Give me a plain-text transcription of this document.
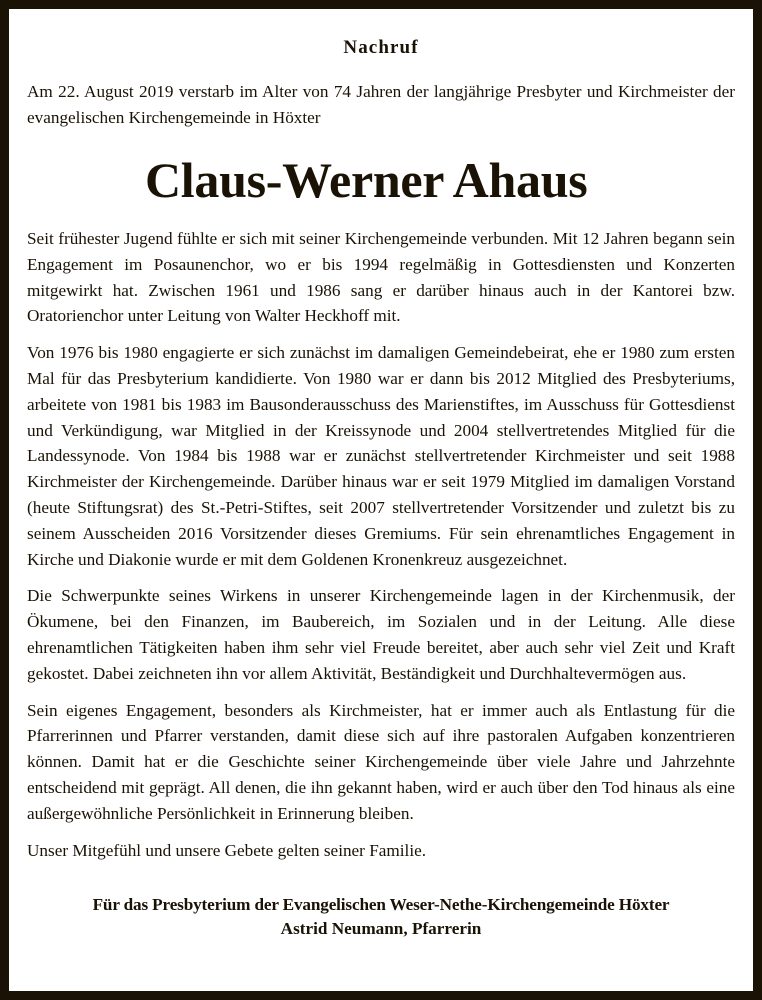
Nachruf

Am 22. August 2019 verstarb im Alter von 74 Jahren der langjährige Presbyter und Kirchmeister der evangelischen Kirchengemeinde in Höxter

Claus-Werner Ahaus

Seit frühester Jugend fühlte er sich mit seiner Kirchengemeinde verbunden. Mit 12 Jahren begann sein Engagement im Posaunenchor, wo er bis 1994 regelmäßig in Gottesdiensten und Konzerten mitgewirkt hat. Zwischen 1961 und 1986 sang er darüber hinaus auch in der Kantorei bzw. Oratorienchor unter Leitung von Walter Heckhoff mit.

Von 1976 bis 1980 engagierte er sich zunächst im damaligen Gemeindebeirat, ehe er 1980 zum ersten Mal für das Presbyterium kandidierte. Von 1980 war er dann bis 2012 Mitglied des Presbyteriums, arbeitete von 1981 bis 1983 im Bausonderausschuss des Marienstiftes, im Ausschuss für Gottesdienst und Verkündigung, war Mitglied in der Kreissynode und 2004 stellvertretendes Mitglied für die Landessynode. Von 1984 bis 1988 war er zunächst stellvertretender Kirchmeister und seit 1988 Kirchmeister der Kirchengemeinde. Darüber hinaus war er seit 1979 Mitglied im damaligen Vorstand (heute Stiftungsrat) des St.-Petri-Stiftes, seit 2007 stellvertretender Vorsitzender und zuletzt bis zu seinem Ausscheiden 2016 Vorsitzender dieses Gremiums. Für sein ehrenamtliches Engagement in Kirche und Diakonie wurde er mit dem Goldenen Kronenkreuz ausgezeichnet.

Die Schwerpunkte seines Wirkens in unserer Kirchengemeinde lagen in der Kirchenmusik, der Ökumene, bei den Finanzen, im Baubereich, im Sozialen und in der Leitung. Alle diese ehrenamtlichen Tätigkeiten haben ihm sehr viel Freude bereitet, aber auch sehr viel Zeit und Kraft gekostet. Dabei zeichneten ihn vor allem Aktivität, Beständigkeit und Durchhaltevermögen aus.

Sein eigenes Engagement, besonders als Kirchmeister, hat er immer auch als Entlastung für die Pfarrerinnen und Pfarrer verstanden, damit diese sich auf ihre pastoralen Aufgaben konzentrieren können. Damit hat er die Geschichte seiner Kirchengemeinde über viele Jahre und Jahrzehnte entscheidend mit geprägt. All denen, die ihn gekannt haben, wird er auch über den Tod hinaus als eine außergewöhnliche Persönlichkeit in Erinnerung bleiben.

Unser Mitgefühl und unsere Gebete gelten seiner Familie.

Für das Presbyterium der Evangelischen Weser-Nethe-Kirchengemeinde Höxter
Astrid Neumann, Pfarrerin
